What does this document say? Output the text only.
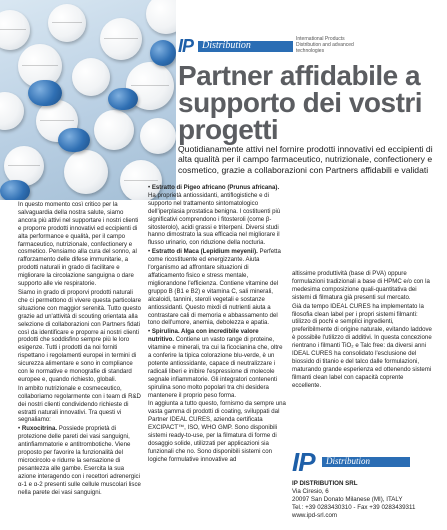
IP Distribution
International Products Distribution and advanced technologies
Partner affidabile a supporto dei vostri progetti

Quotidianamente attivi nel fornire prodotti innovativi ed eccipienti di alta qualità per il campo farmaceutico, nutrizionale, confectionery e cosmetico, grazie a collaborazioni con Partners affidabili e validati

In questo momento così critico per la salvaguardia della nostra salute, siamo ancora più attivi nel supportare i nostri clienti e proporre prodotti innovativi ed eccipienti di alta performance e qualità, per il campo farmaceutico, nutrizionale, confectionery e cosmetico. Pensiamo alla cura del sonno, al rafforzamento delle difese immunitarie, a prodotti naturali in grado di facilitare e migliorare la circolazione sanguigna o dare supporto alle vie respiratorie.

Siamo in grado di proporvi prodotti naturali che ci permettono di vivere questa particolare situazione con maggior serenità. Tutto questo grazie ad un'attività di scouting orientata alla selezione di collaborazioni con Partners fidati così da identificare e proporre ai nostri clienti prodotti che soddisfino sempre più le loro esigenze. Tutti i prodotti da noi forniti rispettano i regolamenti europei in termini di sicurezza alimentare e sono in compliance con le normative e monografie di standard europee e, quando richiesto, globali.

In ambito nutrizionale e cosmeceutico, collaboriamo regolarmente con i team di R&D dei nostri clienti condividendo richieste di estratti naturali innovativi. Tra questi vi segnaliamo:

• Ruxocitrina. Possiede proprietà di protezione delle pareti dei vasi sanguigni, antinfiammatorie e antitrombotiche. Viene proposto per favorire la funzionalità del microcircolo e ridurre la sensazione di pesantezza alle gambe. Esercita la sua azione interagendo con i recettori adrenergici α-1 e α-2 presenti sulle cellule muscolari lisce nella parete dei vasi sanguigni.

• Estratto di Pigeo africano (Prunus africana). Ha proprietà antiossidanti, antiflogistiche e di supporto nel trattamento sintomatologico dell'iperplasia prostatica benigna. I costituenti più significativi comprendono i fitosteroli (come β-sitosterolo), acidi grassi e triterpeni. Diversi studi hanno dimostrato la sua efficacia nel migliorare il flusso urinario, con riduzione della nocturia.

• Estratto di Maca (Lepidium meyenii). Perfetta come ricostituente ed energizzante. Aiuta l'organismo ad affrontare situazioni di affaticamento fisico e stress mentale, migliorandone l'efficienza. Contiene vitamine del gruppo B (B1 e B2) e vitamina C, sali minerali, alcaloidi, tannini, steroli vegetali e sostanze antiossidanti. Questo mixdi di nutrienti aiuta a contrastare cali di memoria e abbassamento del tono dell'umore, anemia, debolezza e apatia.

• Spirulina. Alga con incredibile valore nutritivo. Contiene un vasto range di proteine, vitamine e minerali, tra cui la ficocianina che, oltre a conferire la tipica colorazione blu-verde, è un potente antiossidante, capace di neutralizzare i radicali liberi e inibire l'espressione di molecole segnale infiammatorie. Gli integratori contenenti spirulina sono molto popolari tra chi desidera mantenere il proprio peso forma.

In aggiunta a tutto questo, fornismo da sempre una vasta gamma di prodotti di coating, sviluppati dal Partner IDEAL CURES, azienda certificata EXCIPACT™, ISO, WHO GMP. Sono disponibili sistemi ready-to-use, per la filmatura di forme di dosaggio solide, utilizzati per applicazioni sia funzionali che no. Sono disponibili sistemi con logiche formulative innovative ad

altissime produttività (base di PVA) oppure formulazioni tradizionali a base di HPMC e/o con la medesima composizione quali-quantitativa dei sistemi di filmatura già presenti sul mercato.

Già da tempo IDEAL CURES ha implementato la filosofia clean label per i propri sistemi filmanti: utilizzo di pochi e semplici ingredienti, preferibilmente di origine naturale, evitando laddove è possibile l'utilizzo di additivi. In questa concezione rientrano i filmanti TiO₂ e Talc free: da diversi anni IDEAL CURES ha consolidato l'esclusione del biossido di titanio e del talco dalle formulazioni, maturando grande esperienza ed ottenendo sistemi filmanti clean label con capacità coprente eccellente.

IP Distribution
IP DISTRIBUTION SRL
Via Ciresio, 6
20097 San Donato Milanese (MI), ITALY
Tel.: +39 0283430310 - Fax +39 0283439311
www.ipd-srl.com
